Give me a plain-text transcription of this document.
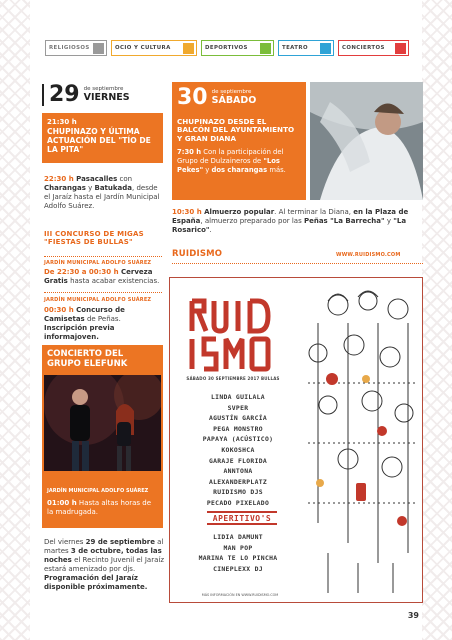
RELIGIOSOS	OCIO Y CULTURA	DEPORTIVOS	TEATRO	CONCIERTOS
29 de septiembre
VIERNES
21:30 h
CHUPINAZO Y ÚLTIMA ACTUACIÓN DEL "TÍO DE LA PITA"
22:30 h Pasacalles con Charangas y Batukada, desde el Jaraíz hasta el Jardín Municipal Adolfo Suárez.
III CONCURSO DE MIGAS "FIESTAS DE BULLAS"
JARDÍN MUNICIPAL ADOLFO SUÁREZ
De 22:30 a 00:30 h Cerveza Gratis hasta acabar existencias.
JARDÍN MUNICIPAL ADOLFO SUÁREZ
00:30 h Concurso de Camisetas de Peñas.
Inscripción previa informajoven.
CONCIERTO DEL GRUPO ELEFUNK
JARDÍN MUNICIPAL ADOLFO SUÁREZ
01:00 h Hasta altas horas de la madrugada.
Del viernes 29 de septiembre al martes 3 de octubre, todas las noches el Recinto Juvenil el Jaraíz estará amenizado por djs. Programación del Jaraíz disponible próximamente.
30 de septiembre
SÁBADO
CHUPINAZO DESDE EL BALCÓN DEL AYUNTAMIENTO Y GRAN DIANA
7:30 h Con la participación del Grupo de Dulzaineros de "Los Pekes" y dos charangas más.
10:30 h Almuerzo popular. Al terminar la Diana, en la Plaza de España, almuerzo preparado por las Peñas "La Barrecha" y "La Rosarico".
RUIDISMO	WWW.RUIDISMO.COM
SÁBADO 30 SEPTIEMBRE 2017 BULLAS
LINDA GUILALA
SVPER
AGUSTÍN GARCÍA
PEGA MONSTRO
PAPAYA (ACÚSTICO)
KOKOSHCA
GARAJE FLORIDA
ANNTONA
ALEXANDERPLATZ
RUIDISMO DJS
PECADO PIXELADO
APERITIVO'S
LIDIA DAMUNT
MAN POP
MARINA TE LO PINCHA
CINEPLEXX DJ
MÁS INFORMACIÓN EN WWW.RUIDISMO.COM
39
